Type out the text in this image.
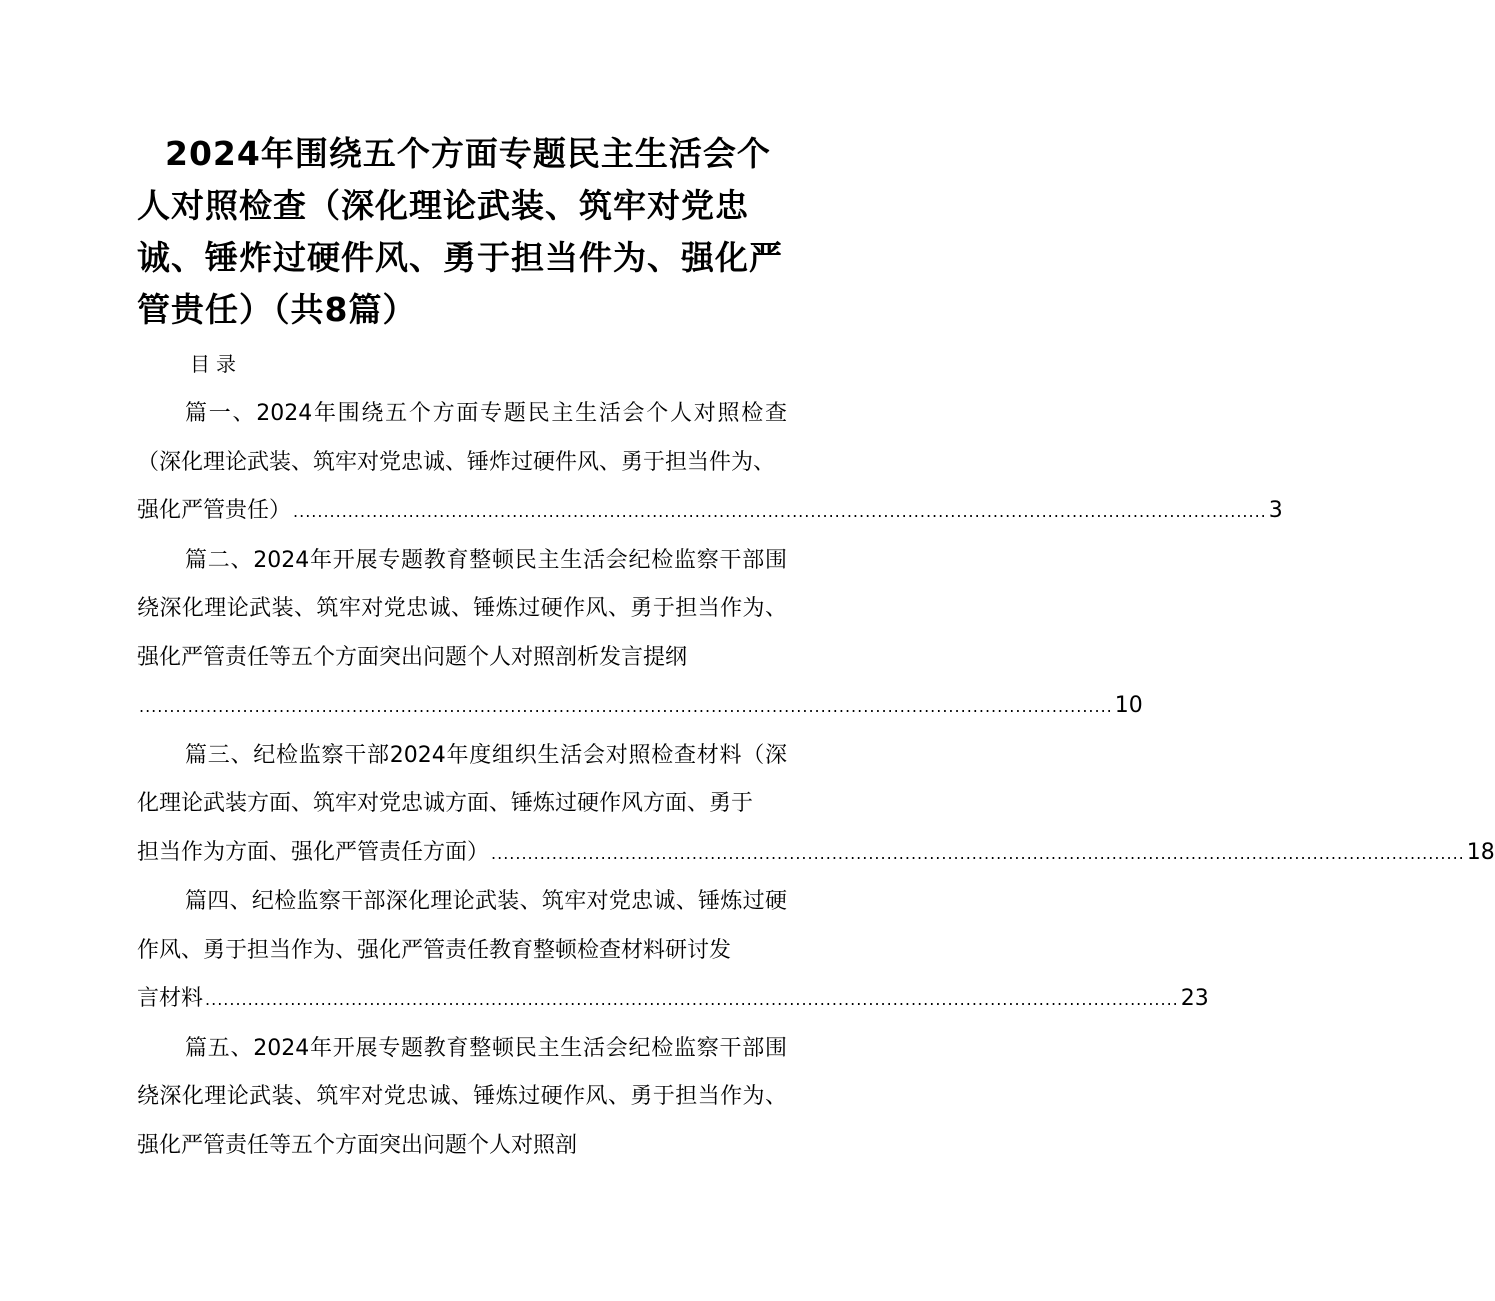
2024年围绕五个方面专题民主生活会个人对照检查（深化理论武装、筑牢对党忠诚、锤炸过硬件风、勇于担当件为、强化严管贵任）（共8篇）
目录
篇一、2024年围绕五个方面专题民主生活会个人对照检查（深化理论武装、筑牢对党忠诚、锤炸过硬件风、勇于担当件为、
强化严管贵任） ................................................................................................................................................................ 3
篇二、2024年开展专题教育整顿民主生活会纪检监察干部围绕深化理论武装、筑牢对党忠诚、锤炼过硬作风、勇于担当作为、强化严管责任等五个方面突出问题个人对照剖析发言提纲
................................................................................................................................................................ 10
篇三、纪检监察干部2024年度组织生活会对照检查材料（深化理论武装方面、筑牢对党忠诚方面、锤炼过硬作风方面、勇于
担当作为方面、强化严管责任方面） ................................................................................................................................................................ 18
篇四、纪检监察干部深化理论武装、筑牢对党忠诚、锤炼过硬作风、勇于担当作为、强化严管责任教育整顿检查材料研讨发
言材料 ................................................................................................................................................................ 23
篇五、2024年开展专题教育整顿民主生活会纪检监察干部围绕深化理论武装、筑牢对党忠诚、锤炼过硬作风、勇于担当作为、强化严管责任等五个方面突出问题个人对照剖
